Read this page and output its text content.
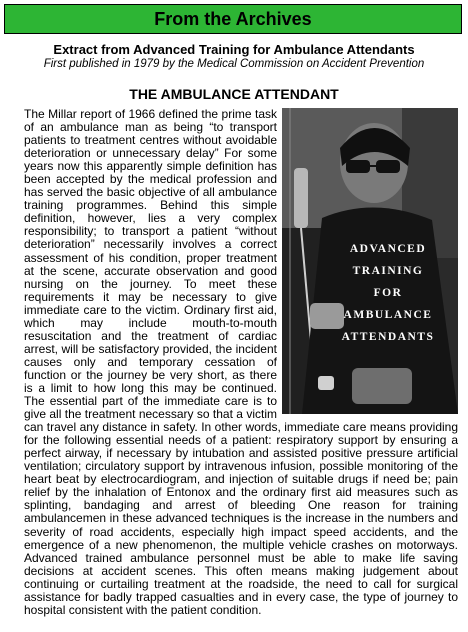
From the Archives
Extract from Advanced Training for Ambulance Attendants
First published in 1979 by the Medical Commission on Accident Prevention
THE AMBULANCE ATTENDANT

ADVANCED
TRAINING
FOR
AMBULANCE
ATTENDANTS
The Millar report of 1966 defined the prime task of an ambulance man as being “to transport patients to treatment centres without avoidable deterioration or unnecessary delay” For some years now this apparently simple definition has been accepted by the medical profession and has served the basic objective of all ambulance training programmes. Behind this simple definition, however, lies a very complex responsibility; to transport a patient “without deterioration” necessarily involves a correct assessment of his condition, proper treatment at the scene, accurate observation and good nursing on the journey. To meet these requirements it may be necessary to give immediate care to the victim. Ordinary first aid, which may include mouth-to-mouth resuscitation and the treatment of cardiac arrest, will be satisfactory provided, the incident causes only and temporary cessation of function or the journey be very short, as there is a limit to how long this may be continued. The essential part of the immediate care is to give all the treatment necessary so that a victim can travel any distance in safety. In other words, immediate care means providing for the following essential needs of a patient: respiratory support by ensuring a perfect airway, if necessary by intubation and assisted positive pressure artificial ventilation; circulatory support by intravenous infusion, possible monitoring of the heart beat by electrocardiogram, and injection of suitable drugs if need be; pain relief by the inhalation of Entonox and the ordinary first aid measures such as splinting, bandaging and arrest of bleeding One reason for training ambulancemen in these advanced techniques is the increase in the numbers and severity of road accidents, especially high impact speed accidents, and the emergence of a new phenomenon, the multiple vehicle crashes on motorways. Advanced trained ambulance personnel must be able to make life saving decisions at accident scenes. This often means making judgement about continuing or curtailing treatment at the roadside, the need to call for surgical assistance for badly trapped casualties and in every case, the type of journey to hospital consistent with the patient condition.
